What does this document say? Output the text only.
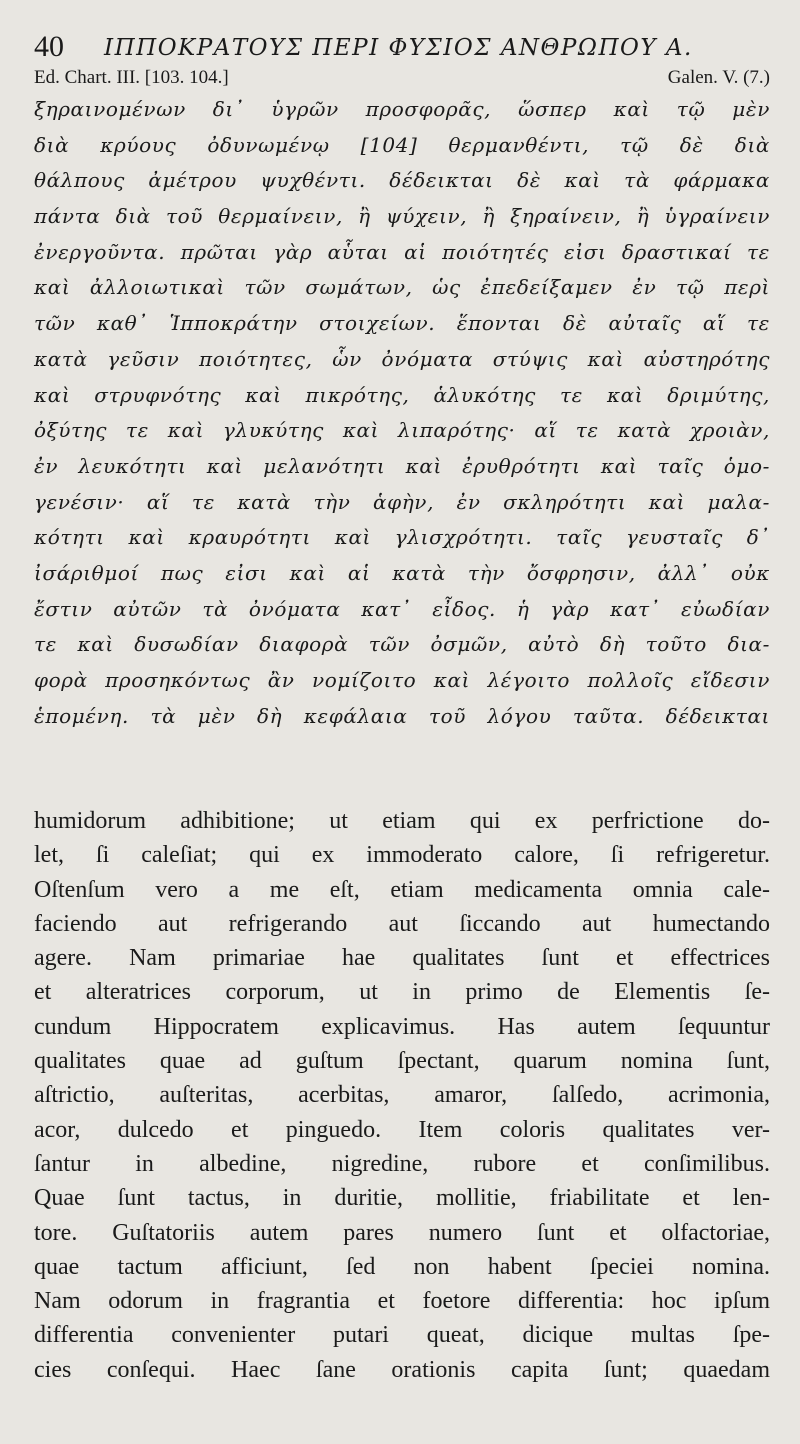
40 ΙΠΠΟΚΡΑΤΟΥΣ ΠΕΡΙ ΦΥΣΙΟΣ ΑΝΘΡΩΠΟΥ Α.
Ed. Chart. III. [103. 104.]	Galen. V. (7.)
ξηραινομένων δι᾽ ὑγρῶν προσφορᾶς, ὥσπερ καὶ τῷ μὲν
διὰ κρύους ὀδυνωμένῳ [104] θερμανθέντι, τῷ δὲ διὰ
θάλπους ἀμέτρου ψυχθέντι. δέδεικται δὲ καὶ τὰ φάρμακα
πάντα διὰ τοῦ θερμαίνειν, ἢ ψύχειν, ἢ ξηραίνειν, ἢ ὑγραίνειν
ἐνεργοῦντα. πρῶται γὰρ αὗται αἱ ποιότητές εἰσι δραστικαί τε
καὶ ἀλλοιωτικαὶ τῶν σωμάτων, ὡς ἐπεδείξαμεν ἐν τῷ περὶ
τῶν καθ᾽ Ἱπποκράτην στοιχείων. ἕπονται δὲ αὐταῖς αἵ τε
κατὰ γεῦσιν ποιότητες, ὧν ὀνόματα στύψις καὶ αὐστηρότης
καὶ στρυφνότης καὶ πικρότης, ἁλυκότης τε καὶ δριμύτης,
ὀξύτης τε καὶ γλυκύτης καὶ λιπαρότης· αἵ τε κατὰ χροιὰν,
ἐν λευκότητι καὶ μελανότητι καὶ ἐρυθρότητι καὶ ταῖς ὁμο-
γενέσιν· αἵ τε κατὰ τὴν ἁφὴν, ἐν σκληρότητι καὶ μαλα-
κότητι καὶ κραυρότητι καὶ γλισχρότητι. ταῖς γευσταῖς δ᾽
ἰσάριθμοί πως εἰσι καὶ αἱ κατὰ τὴν ὄσφρησιν, ἀλλ᾽ οὐκ
ἔστιν αὐτῶν τὰ ὀνόματα κατ᾽ εἶδος. ἡ γὰρ κατ᾽ εὐωδίαν
τε καὶ δυσωδίαν διαφορὰ τῶν ὀσμῶν, αὐτὸ δὴ τοῦτο δια-
φορὰ προσηκόντως ἂν νομίζοιτο καὶ λέγοιτο πολλοῖς εἴδεσιν
ἑπομένη. τὰ μὲν δὴ κεφάλαια τοῦ λόγου ταῦτα. δέδεικται
humidorum adhibitione; ut etiam qui ex perfrictione do-
let, ſi caleſiat; qui ex immoderato calore, ſi refrigeretur.
Oſtenſum vero a me eſt, etiam medicamenta omnia cale-
faciendo aut refrigerando aut ſiccando aut humectando
agere. Nam primariae hae qualitates ſunt et effectrices
et alteratrices corporum, ut in primo de Elementis ſe-
cundum Hippocratem explicavimus. Has autem ſequuntur
qualitates quae ad guſtum ſpectant, quarum nomina ſunt,
aſtrictio, auſteritas, acerbitas, amaror, ſalſedo, acrimonia,
acor, dulcedo et pinguedo. Item coloris qualitates ver-
ſantur in albedine, nigredine, rubore et conſimilibus.
Quae ſunt tactus, in duritie, mollitie, friabilitate et len-
tore. Guſtatoriis autem pares numero ſunt et olfactoriae,
quae tactum afficiunt, ſed non habent ſpeciei nomina.
Nam odorum in fragrantia et foetore differentia: hoc ipſum
differentia convenienter putari queat, dicique multas ſpe-
cies conſequi. Haec ſane orationis capita ſunt; quaedam
